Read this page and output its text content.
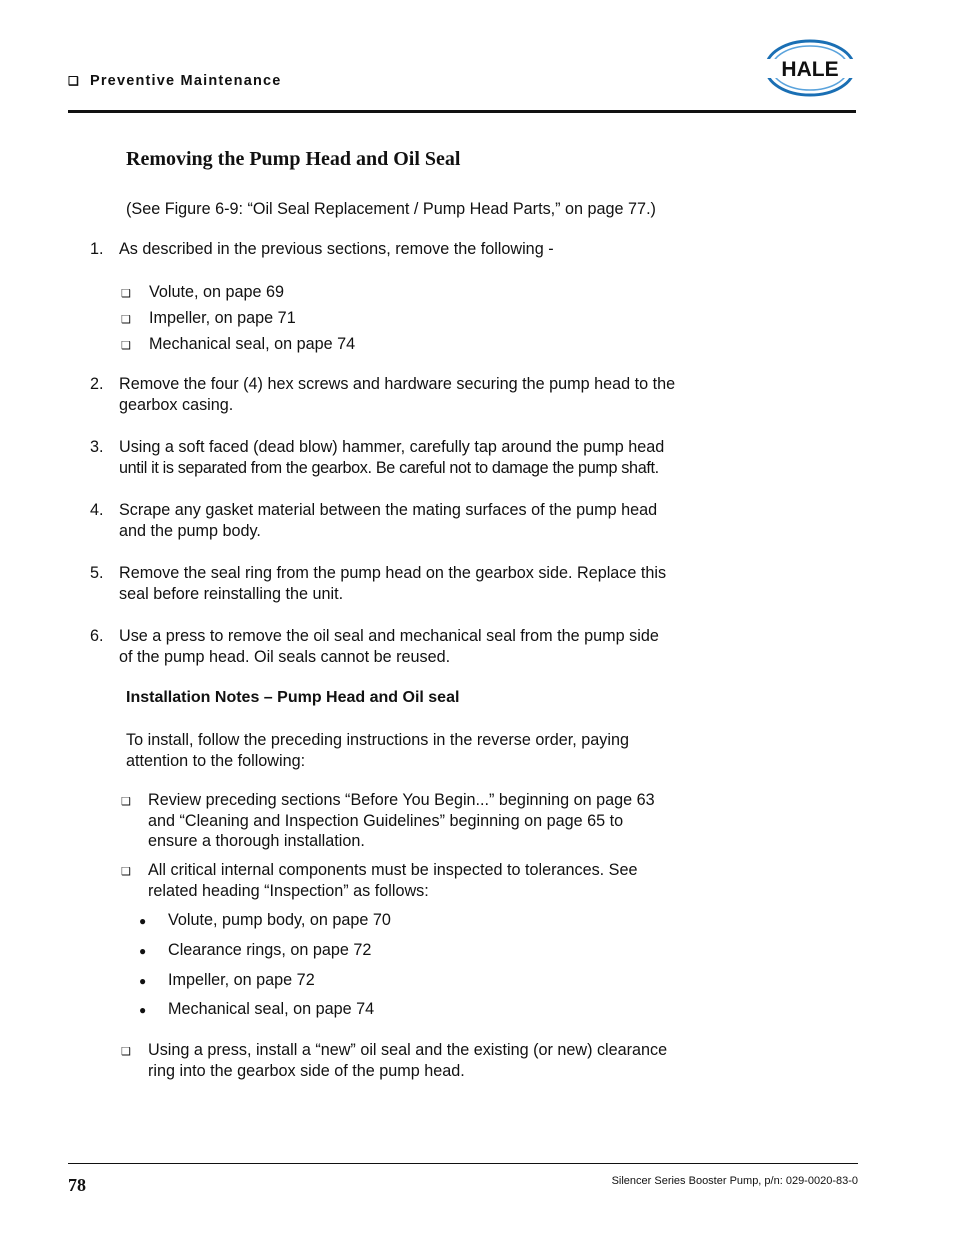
❑ Preventive Maintenance	HALE
Removing the Pump Head and Oil Seal
(See Figure 6-9: “Oil Seal Replacement / Pump Head Parts,” on page 77.)
1. As described in the previous sections, remove the following -
❑ Volute, on pape 69
❑ Impeller, on pape 71
❑ Mechanical seal, on pape 74
2. Remove the four (4) hex screws and hardware securing the pump head to the
gearbox casing.
3. Using a soft faced (dead blow) hammer, carefully tap around the pump head
until it is separated from the gearbox. Be careful not to damage the pump shaft.
4. Scrape any gasket material between the mating surfaces of the pump head
and the pump body.
5. Remove the seal ring from the pump head on the gearbox side. Replace this
seal before reinstalling the unit.
6. Use a press to remove the oil seal and mechanical seal from the pump side
of the pump head. Oil seals cannot be reused.
Installation Notes – Pump Head and Oil seal
To install, follow the preceding instructions in the reverse order, paying
attention to the following:
❑ Review preceding sections “Before You Begin...” beginning on page 63
and “Cleaning and Inspection Guidelines” beginning on page 65 to
ensure a thorough installation.
❑ All critical internal components must be inspected to tolerances. See
related heading “Inspection” as follows:
● Volute, pump body, on pape 70
● Clearance rings, on pape 72
● Impeller, on pape 72
● Mechanical seal, on pape 74
❑ Using a press, install a “new” oil seal and the existing (or new) clearance
ring into the gearbox side of the pump head.
78	Silencer Series Booster Pump, p/n: 029-0020-83-0
